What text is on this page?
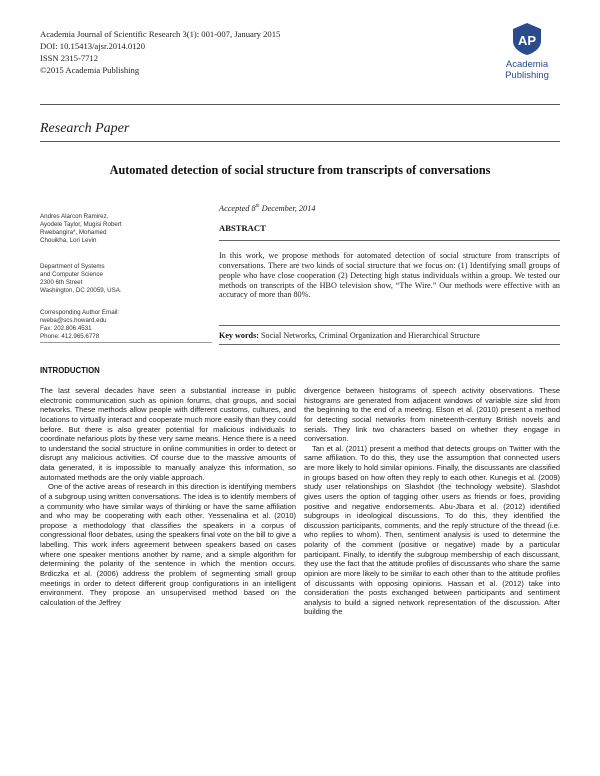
Academia Journal of Scientific Research 3(1): 001-007, January 2015
DOI: 10.15413/ajsr.2014.0120
ISSN 2315-7712
©2015 Academia Publishing
AP
Academia
Publishing
Research Paper
Automated detection of social structure from transcripts of conversations
Andres Alarcon Ramirez,
Ayodele Taylor, Mugisi Robert
Rwebangira*, Mohamed
Chouikha, Lori Levin
Department of Systems
and Computer Science
2300 6th Street
Washington, DC 20059, USA.
Corresponding Author Email:
rweba@scs.howard.edu
Fax: 202.806.4531
Phone: 412.965.6778
Accepted 8th December, 2014
ABSTRACT
In this work, we propose methods for automated detection of social structure from transcripts of conversations. There are two kinds of social structure that we focus on: (1) Identifying small groups of people who have close cooperation (2) Detecting high status individuals within a group. We tested our methods on transcripts of the HBO television show, “The Wire.” Our methods were effective with an accuracy of more than 80%.
Key words: Social Networks, Criminal Organization and Hierarchical Structure
INTRODUCTION

The last several decades have seen a substantial increase in public electronic communication such as opinion forums, chat groups, and social networks. These methods allow people with different customs, cultures, and locations to virtually interact and cooperate much more easily than they could before. But there is also greater potential for malicious individuals to coordinate nefarious plots by these very same means. Hence there is a need to understand the social structure in online communities in order to detect or disrupt any malicious activities. Of course due to the massive amounts of data generated, it is impossible to manually analyze this information, so automated methods are the only viable approach.

One of the active areas of research in this direction is identifying members of a subgroup using written conversations. The idea is to identify members of a community who have similar ways of thinking or have the same affiliation and who may be cooperating with each other. Yessenalina et al. (2010) propose a methodology that classifies the speakers in a corpus of congressional floor debates, using the speakers final vote on the bill to give a labelling. This work infers agreement between speakers based on cases where one speaker mentions another by name, and a simple algorithm for determining the polarity of the sentence in which the mention occurs. Brdiczka et al. (2006) address the problem of segmenting small group meetings in order to detect different group configurations in an intelligent environment. They propose an unsupervised method based on the calculation of the Jeffrey

divergence between histograms of speech activity observations. These histograms are generated from adjacent windows of variable size slid from the beginning to the end of a meeting. Elson et al. (2010) present a method for detecting social networks from nineteenth-century British novels and serials. They link two characters based on whether they engage in conversation.

Tan et al. (2011) present a method that detects groups on Twitter with the same affiliation. To do this, they use the assumption that connected users are more likely to hold similar opinions. Finally, the discussants are classified in groups based on how often they reply to each other. Kunegis et al. (2009) study user relationships on Slashdot (the technology website). Slashdot gives users the option of tagging other users as friends or foes, providing positive and negative endorsements. Abu-Jbara et al. (2012) identified subgroups in ideological discussions. To do this, they identified the discussion participants, comments, and the reply structure of the thread (i.e. who replies to whom). Then, sentiment analysis is used to determine the polarity of the comment (positive or negative) made by a particular participant. Finally, to identify the subgroup membership of each discussant, they use the fact that the attitude profiles of discussants who share the same opinion are more likely to be similar to each other than to the attitude profiles of discussants with opposing opinions. Hassan et al. (2012) take into consideration the posts exchanged between participants and sentiment analysis to build a signed network representation of the discussion. After building the
